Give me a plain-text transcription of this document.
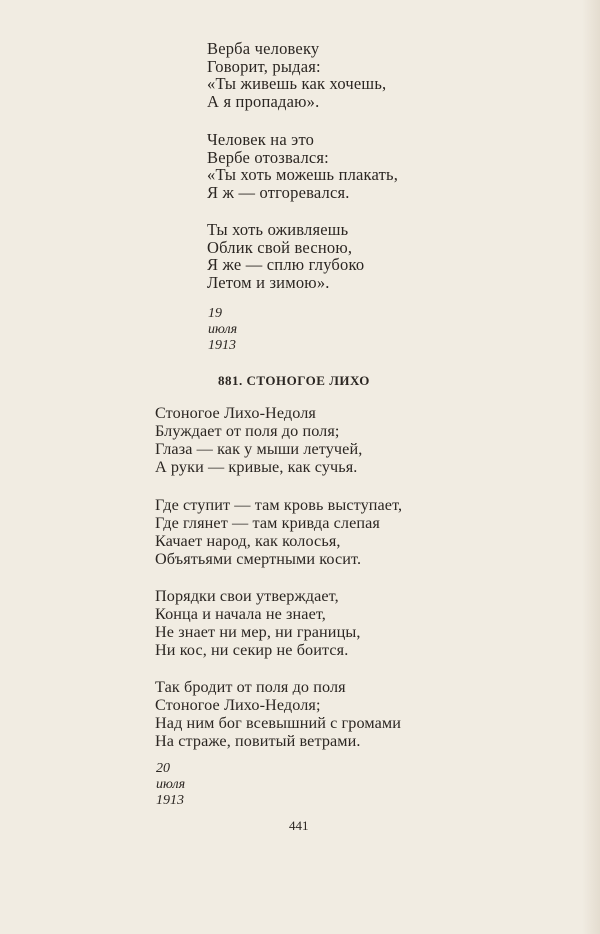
Верба человеку
Говорит, рыдая:
«Ты живешь как хочешь,
А я пропадаю».
Человек на это
Вербе отозвался:
«Ты хоть можешь плакать,
Я ж — отгоревался.
Ты хоть оживляешь
Облик свой весною,
Я же — сплю глубоко
Летом и зимою».
19 июля 1913
881. СТОНОГОЕ ЛИХО
Стоногое Лихо-Недоля
Блуждает от поля до поля;
Глаза — как у мыши летучей,
А руки — кривые, как сучья.
Где ступит — там кровь выступает,
Где глянет — там кривда слепая
Качает народ, как колосья,
Объятьями смертными косит.
Порядки свои утверждает,
Конца и начала не знает,
Не знает ни мер, ни границы,
Ни кос, ни секир не боится.
Так бродит от поля до поля
Стоногое Лихо-Недоля;
Над ним бог всевышний с громами
На страже, повитый ветрами.
20 июля 1913
441
